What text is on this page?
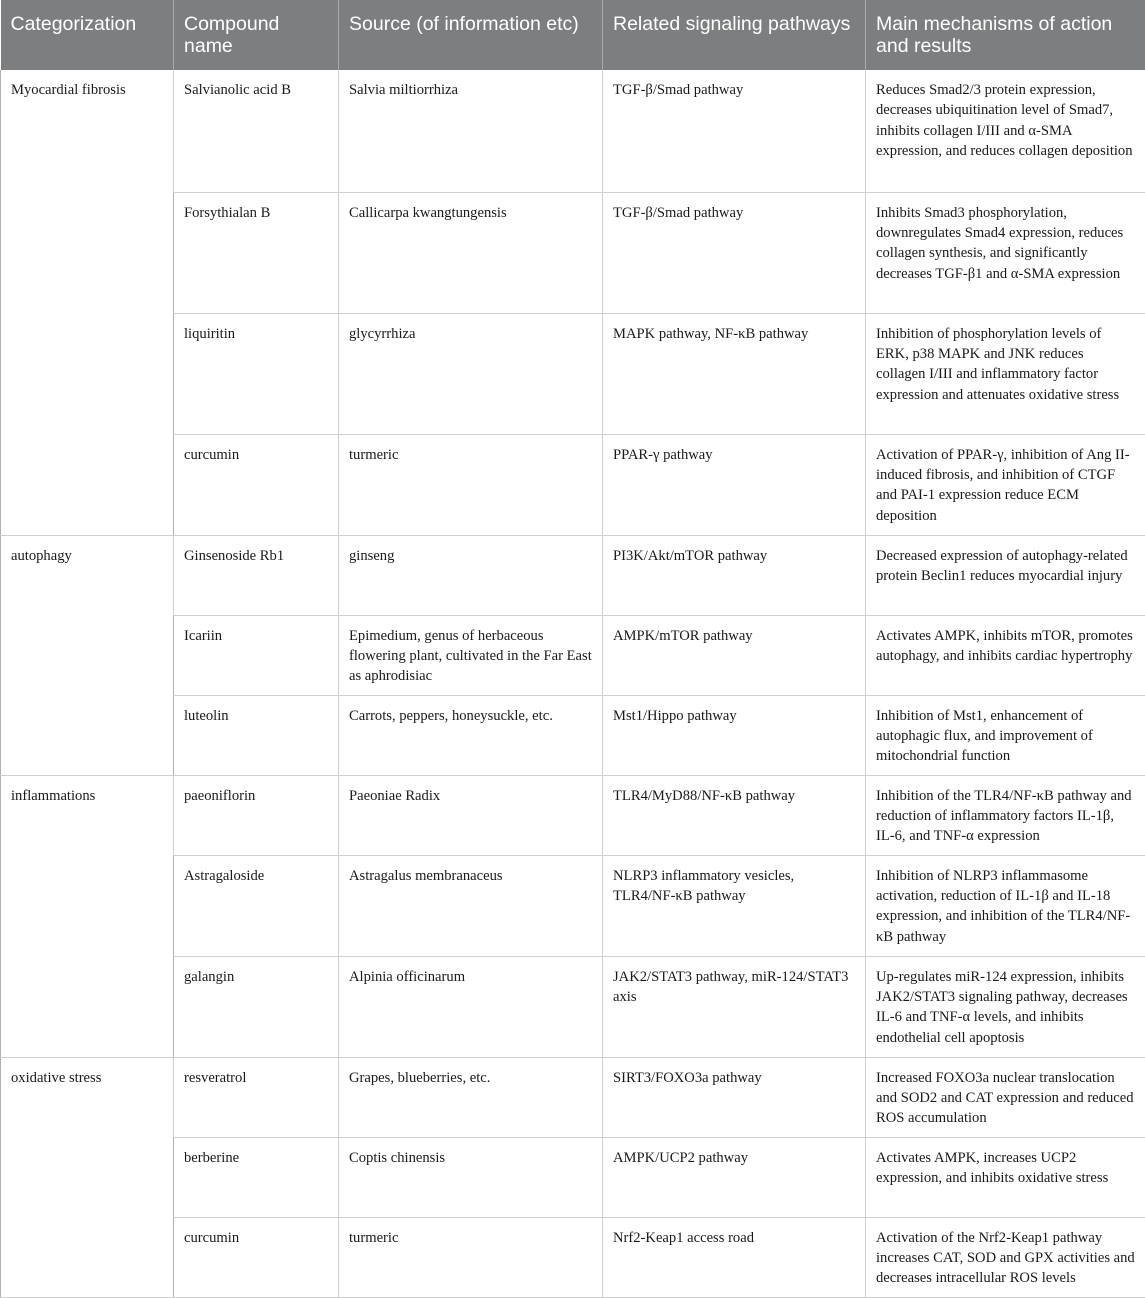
Categorization	Compound name	Source (of information etc)	Related signaling pathways	Main mechanisms of action and results
Myocardial fibrosis	Salvianolic acid B	Salvia miltiorrhiza	TGF-β/Smad pathway	Reduces Smad2/3 protein expression, decreases ubiquitination level of Smad7, inhibits collagen I/III and α-SMA expression, and reduces collagen deposition
	Forsythialan B	Callicarpa kwangtungensis	TGF-β/Smad pathway	Inhibits Smad3 phosphorylation, downregulates Smad4 expression, reduces collagen synthesis, and significantly decreases TGF-β1 and α-SMA expression
	liquiritin	glycyrrhiza	MAPK pathway, NF-κB pathway	Inhibition of phosphorylation levels of ERK, p38 MAPK and JNK reduces collagen I/III and inflammatory factor expression and attenuates oxidative stress
	curcumin	turmeric	PPAR-γ pathway	Activation of PPAR-γ, inhibition of Ang II-induced fibrosis, and inhibition of CTGF and PAI-1 expression reduce ECM deposition
autophagy	Ginsenoside Rb1	ginseng	PI3K/Akt/mTOR pathway	Decreased expression of autophagy-related protein Beclin1 reduces myocardial injury
	Icariin	Epimedium, genus of herbaceous flowering plant, cultivated in the Far East as aphrodisiac	AMPK/mTOR pathway	Activates AMPK, inhibits mTOR, promotes autophagy, and inhibits cardiac hypertrophy
	luteolin	Carrots, peppers, honeysuckle, etc.	Mst1/Hippo pathway	Inhibition of Mst1, enhancement of autophagic flux, and improvement of mitochondrial function
inflammations	paeoniflorin	Paeoniae Radix	TLR4/MyD88/NF-κB pathway	Inhibition of the TLR4/NF-κB pathway and reduction of inflammatory factors IL-1β, IL-6, and TNF-α expression
	Astragaloside	Astragalus membranaceus	NLRP3 inflammatory vesicles, TLR4/NF-κB pathway	Inhibition of NLRP3 inflammasome activation, reduction of IL-1β and IL-18 expression, and inhibition of the TLR4/NF-κB pathway
	galangin	Alpinia officinarum	JAK2/STAT3 pathway, miR-124/STAT3 axis	Up-regulates miR-124 expression, inhibits JAK2/STAT3 signaling pathway, decreases IL-6 and TNF-α levels, and inhibits endothelial cell apoptosis
oxidative stress	resveratrol	Grapes, blueberries, etc.	SIRT3/FOXO3a pathway	Increased FOXO3a nuclear translocation and SOD2 and CAT expression and reduced ROS accumulation
	berberine	Coptis chinensis	AMPK/UCP2 pathway	Activates AMPK, increases UCP2 expression, and inhibits oxidative stress
	curcumin	turmeric	Nrf2-Keap1 access road	Activation of the Nrf2-Keap1 pathway increases CAT, SOD and GPX activities and decreases intracellular ROS levels
